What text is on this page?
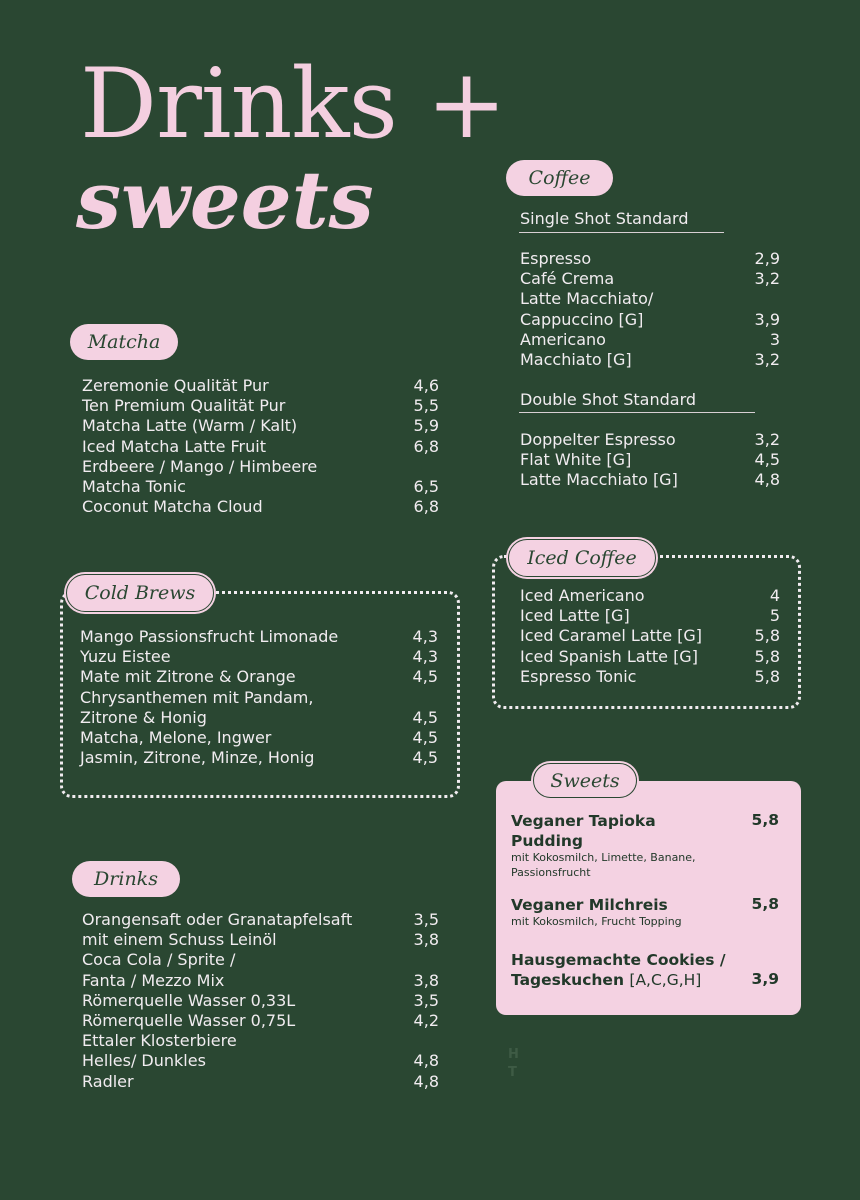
Drinks +
sweets	Coffee
Single Shot Standard
Espresso	2,9
Café Crema	3,2
Latte Macchiato/
Cappuccino [G]	3,9
Americano	3
Macchiato [G]	3,2
Double Shot Standard
Doppelter Espresso	3,2
Flat White [G]	4,5
Latte Macchiato [G]	4,8
Matcha
Zeremonie Qualität Pur	4,6
Ten Premium Qualität Pur	5,5
Matcha Latte (Warm / Kalt)	5,9
Iced Matcha Latte Fruit	6,8
Erdbeere / Mango / Himbeere
Matcha Tonic	6,5
Coconut Matcha Cloud	6,8
Iced Coffee
Iced Americano	4
Iced Latte [G]	5
Iced Caramel Latte [G]	5,8
Iced Spanish Latte [G]	5,8
Espresso Tonic	5,8
Cold Brews
Mango Passionsfrucht Limonade	4,3
Yuzu Eistee	4,3
Mate mit Zitrone & Orange	4,5
Chrysanthemen mit Pandam,
Zitrone & Honig	4,5
Matcha, Melone, Ingwer	4,5
Jasmin, Zitrone, Minze, Honig	4,5
Veganer Tapioka Pudding
5,8
mit Kokosmilch, Limette, Banane, Passionsfrucht
Veganer Milchreis	5,8
mit Kokosmilch, Frucht Topping
Hausgemachte Cookies / Tageskuchen [A,C,G,H]	3,9
Sweets
Drinks
Orangensaft oder Granatapfelsaft	3,5
mit einem Schuss Leinöl	3,8
Coca Cola / Sprite /
Fanta / Mezzo Mix	3,8
Römerquelle Wasser 0,33L	3,5
Römerquelle Wasser 0,75L	4,2
Ettaler Klosterbiere
Helles/ Dunkles	4,8
Radler	4,8
H
T
